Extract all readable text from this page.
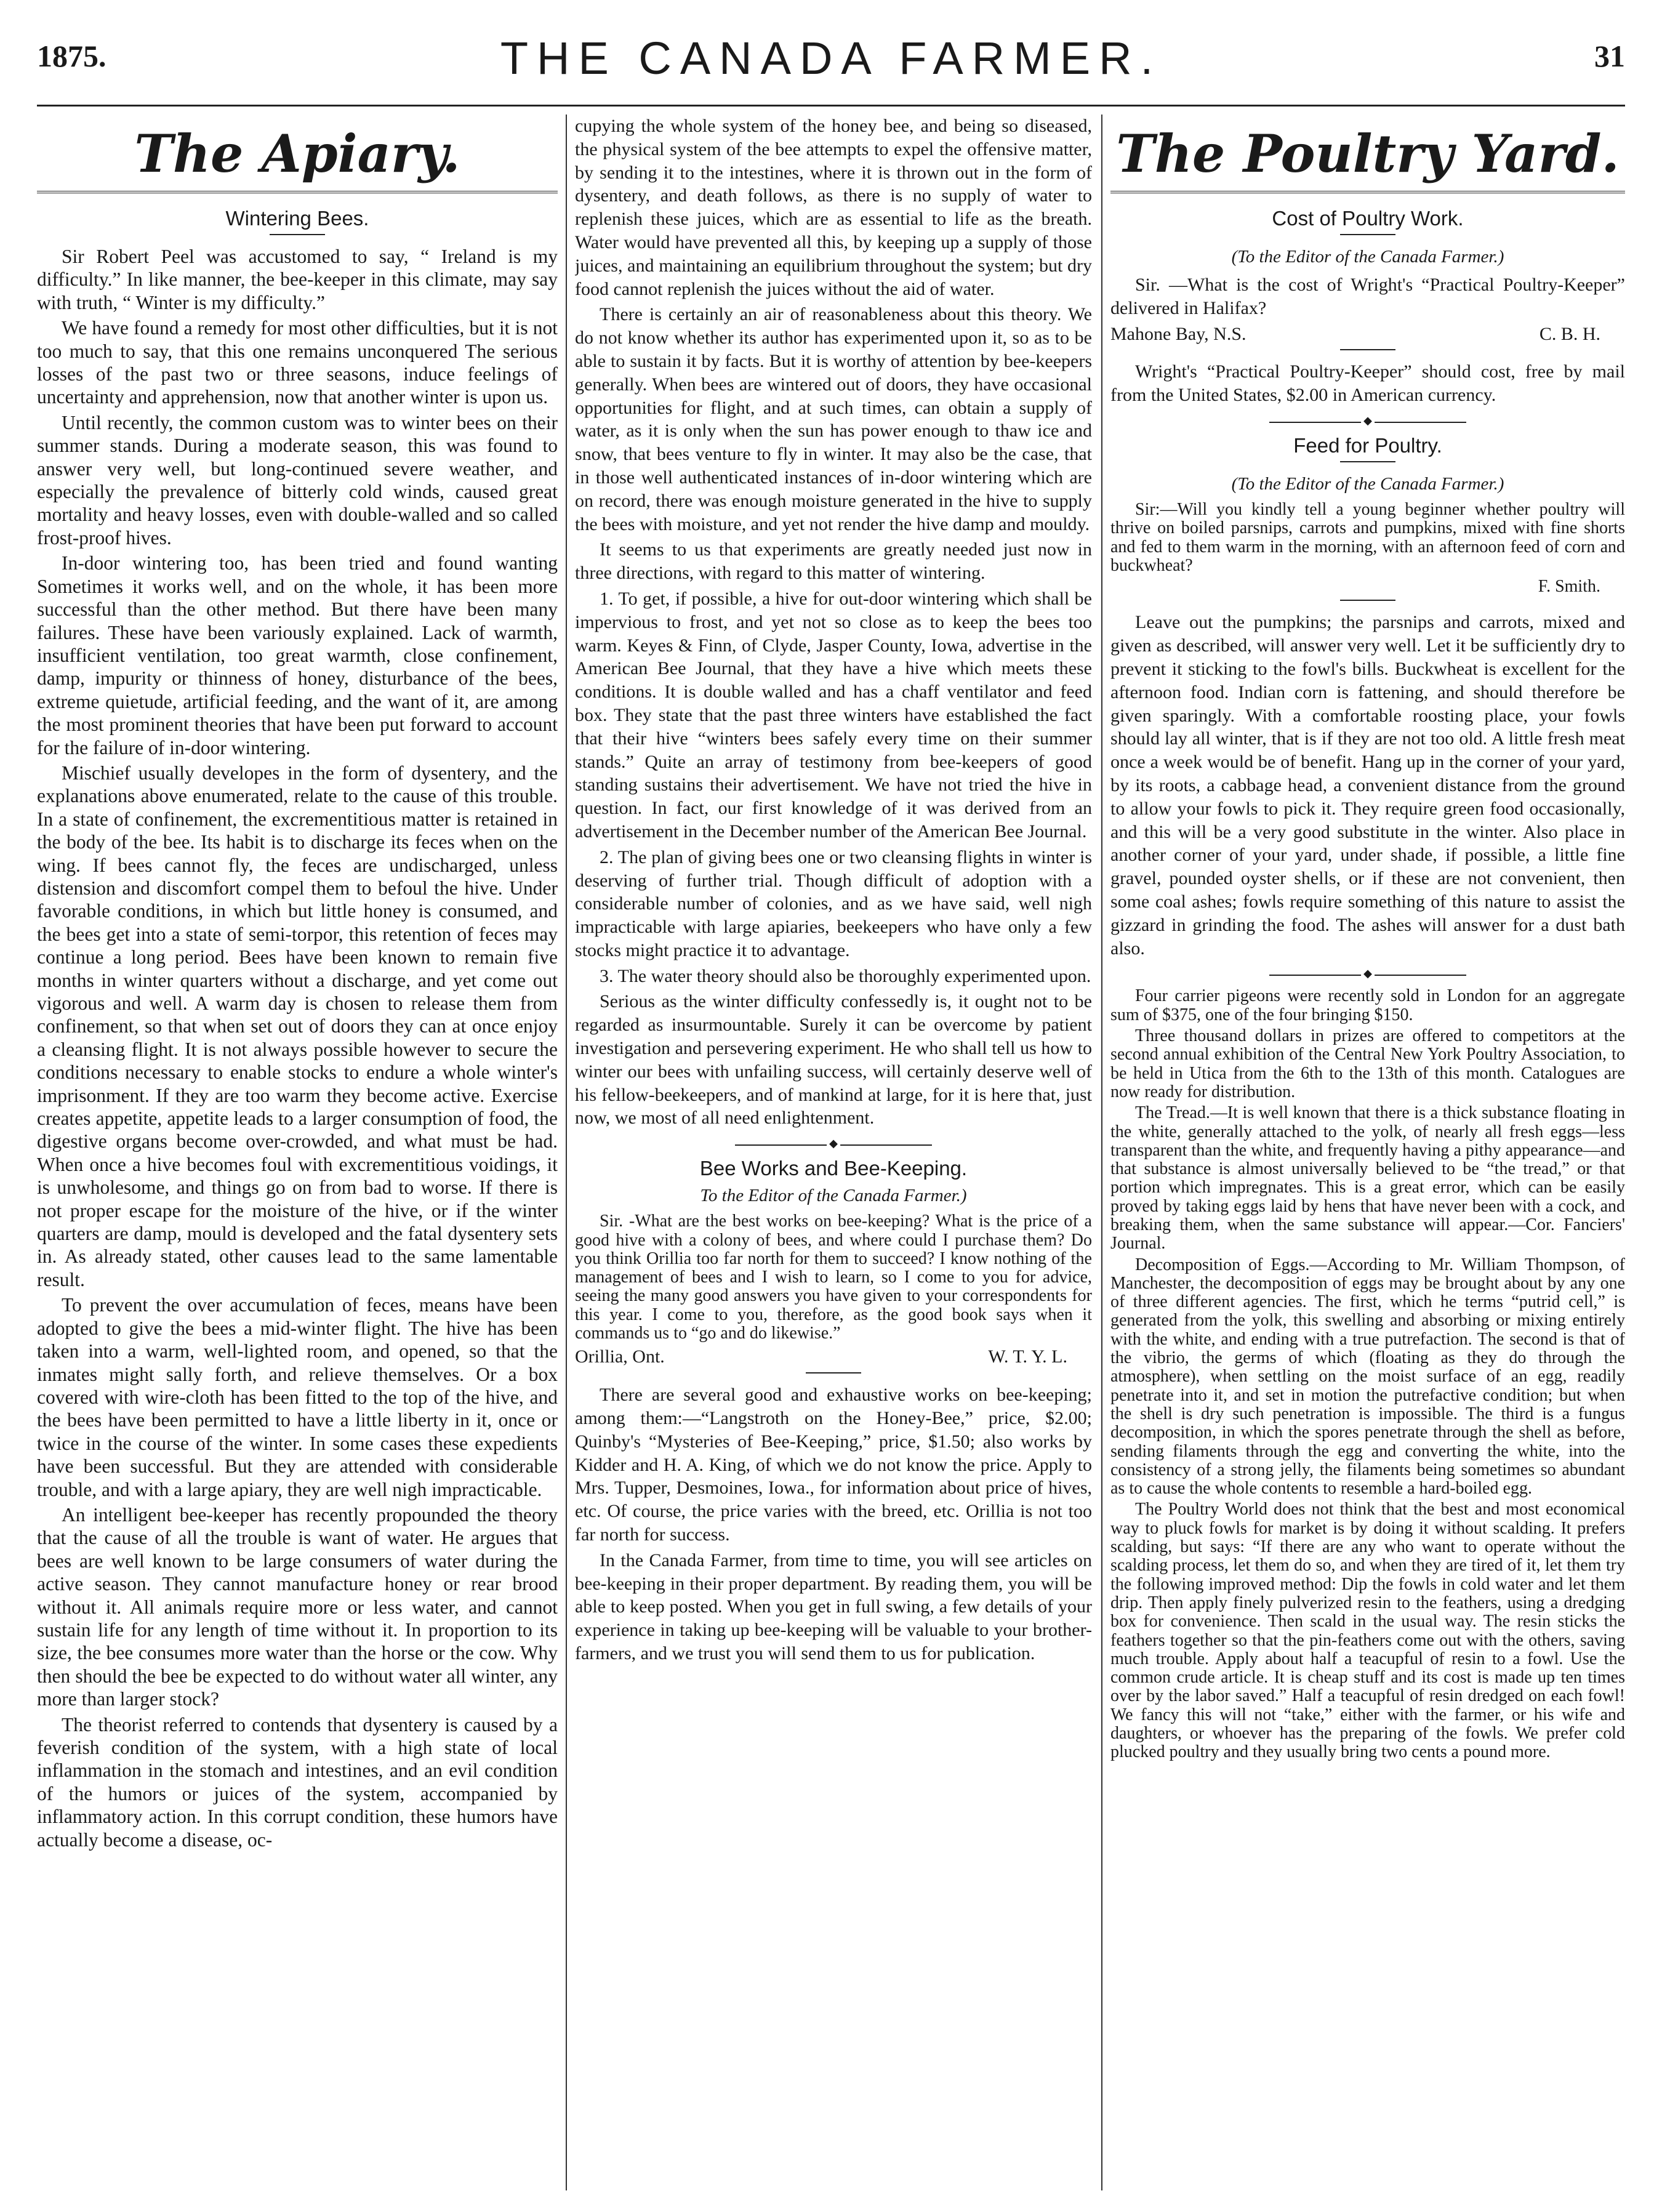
1875.	THE CANADA FARMER.	31
The Apiary.
Wintering Bees.

Sir Robert Peel was accustomed to say, “ Ireland is my difficulty.” In like manner, the bee-keeper in this climate, may say with truth, “ Winter is my difficulty.”

We have found a remedy for most other difficulties, but it is not too much to say, that this one remains unconquered The serious losses of the past two or three seasons, induce feelings of uncertainty and apprehension, now that another winter is upon us.

Until recently, the common custom was to winter bees on their summer stands. During a moderate season, this was found to answer very well, but long-continued severe weather, and especially the prevalence of bitterly cold winds, caused great mortality and heavy losses, even with double-walled and so called frost-proof hives.

In-door wintering too, has been tried and found wanting Sometimes it works well, and on the whole, it has been more successful than the other method. But there have been many failures. These have been variously explained. Lack of warmth, insufficient ventilation, too great warmth, close confinement, damp, impurity or thinness of honey, disturbance of the bees, extreme quietude, artificial feeding, and the want of it, are among the most prominent theories that have been put forward to account for the failure of in-door wintering.

Mischief usually developes in the form of dysentery, and the explanations above enumerated, relate to the cause of this trouble. In a state of confinement, the excrementitious matter is retained in the body of the bee. Its habit is to discharge its feces when on the wing. If bees cannot fly, the feces are undischarged, unless distension and discomfort compel them to befoul the hive. Under favorable conditions, in which but little honey is consumed, and the bees get into a state of semi-torpor, this retention of feces may continue a long period. Bees have been known to remain five months in winter quarters without a discharge, and yet come out vigorous and well. A warm day is chosen to release them from confinement, so that when set out of doors they can at once enjoy a cleansing flight. It is not always possible however to secure the conditions necessary to enable stocks to endure a whole winter's imprisonment. If they are too warm they become active. Exercise creates appetite, appetite leads to a larger consumption of food, the digestive organs become over-crowded, and what must be had. When once a hive becomes foul with excrementitious voidings, it is unwholesome, and things go on from bad to worse. If there is not proper escape for the moisture of the hive, or if the winter quarters are damp, mould is developed and the fatal dysentery sets in. As already stated, other causes lead to the same lamentable result.

To prevent the over accumulation of feces, means have been adopted to give the bees a mid-winter flight. The hive has been taken into a warm, well-lighted room, and opened, so that the inmates might sally forth, and relieve themselves. Or a box covered with wire-cloth has been fitted to the top of the hive, and the bees have been permitted to have a little liberty in it, once or twice in the course of the winter. In some cases these expedients have been successful. But they are attended with considerable trouble, and with a large apiary, they are well nigh impracticable.

An intelligent bee-keeper has recently propounded the theory that the cause of all the trouble is want of water. He argues that bees are well known to be large consumers of water during the active season. They cannot manufacture honey or rear brood without it. All animals require more or less water, and cannot sustain life for any length of time without it. In proportion to its size, the bee consumes more water than the horse or the cow. Why then should the bee be expected to do without water all winter, any more than larger stock?

The theorist referred to contends that dysentery is caused by a feverish condition of the system, with a high state of local inflammation in the stomach and intestines, and an evil condition of the humors or juices of the system, accompanied by inflammatory action. In this corrupt condition, these humors have actually become a disease, oc-

cupying the whole system of the honey bee, and being so diseased, the physical system of the bee attempts to expel the offensive matter, by sending it to the intestines, where it is thrown out in the form of dysentery, and death follows, as there is no supply of water to replenish these juices, which are as essential to life as the breath. Water would have prevented all this, by keeping up a supply of those juices, and maintaining an equilibrium throughout the system; but dry food cannot replenish the juices without the aid of water.

There is certainly an air of reasonableness about this theory. We do not know whether its author has experimented upon it, so as to be able to sustain it by facts. But it is worthy of attention by bee-keepers generally. When bees are wintered out of doors, they have occasional opportunities for flight, and at such times, can obtain a supply of water, as it is only when the sun has power enough to thaw ice and snow, that bees venture to fly in winter. It may also be the case, that in those well authenticated instances of in-door wintering which are on record, there was enough moisture generated in the hive to supply the bees with moisture, and yet not render the hive damp and mouldy.

It seems to us that experiments are greatly needed just now in three directions, with regard to this matter of wintering.

1. To get, if possible, a hive for out-door wintering which shall be impervious to frost, and yet not so close as to keep the bees too warm. Keyes & Finn, of Clyde, Jasper County, Iowa, advertise in the American Bee Journal, that they have a hive which meets these conditions. It is double walled and has a chaff ventilator and feed box. They state that the past three winters have established the fact that their hive “winters bees safely every time on their summer stands.” Quite an array of testimony from bee-keepers of good standing sustains their advertisement. We have not tried the hive in question. In fact, our first knowledge of it was derived from an advertisement in the December number of the American Bee Journal.

2. The plan of giving bees one or two cleansing flights in winter is deserving of further trial. Though difficult of adoption with a considerable number of colonies, and as we have said, well nigh impracticable with large apiaries, beekeepers who have only a few stocks might practice it to advantage.

3. The water theory should also be thoroughly experimented upon.

Serious as the winter difficulty confessedly is, it ought not to be regarded as insurmountable. Surely it can be overcome by patient investigation and persevering experiment. He who shall tell us how to winter our bees with unfailing success, will certainly deserve well of his fellow-beekeepers, and of mankind at large, for it is here that, just now, we most of all need enlightenment.

◆
Bee Works and Bee-Keeping.

To the Editor of the Canada Farmer.)

Sir. -What are the best works on bee-keeping? What is the price of a good hive with a colony of bees, and where could I purchase them? Do you think Orillia too far north for them to succeed? I know nothing of the management of bees and I wish to learn, so I come to you for advice, seeing the many good answers you have given to your correspondents for this year. I come to you, therefore, as the good book says when it commands us to “go and do likewise.”

Orillia, Ont.	W. T. Y. L.

There are several good and exhaustive works on bee-keeping; among them:—“Langstroth on the Honey-Bee,” price, $2.00; Quinby's “Mysteries of Bee-Keeping,” price, $1.50; also works by Kidder and H. A. King, of which we do not know the price. Apply to Mrs. Tupper, Desmoines, Iowa., for information about price of hives, etc. Of course, the price varies with the breed, etc. Orillia is not too far north for success.

In the Canada Farmer, from time to time, you will see articles on bee-keeping in their proper department. By reading them, you will be able to keep posted. When you get in full swing, a few details of your experience in taking up bee-keeping will be valuable to your brother-farmers, and we trust you will send them to us for publication.

The Poultry Yard.
Cost of Poultry Work.

(To the Editor of the Canada Farmer.)

Sir. —What is the cost of Wright's “Practical Poultry-Keeper” delivered in Halifax?

Mahone Bay, N.S.	C. B. H.

Wright's “Practical Poultry-Keeper” should cost, free by mail from the United States, $2.00 in American currency.

◆
Feed for Poultry.

(To the Editor of the Canada Farmer.)

Sir:—Will you kindly tell a young beginner whether poultry will thrive on boiled parsnips, carrots and pumpkins, mixed with fine shorts and fed to them warm in the morning, with an afternoon feed of corn and buckwheat?

F. Smith.

Leave out the pumpkins; the parsnips and carrots, mixed and given as described, will answer very well. Let it be sufficiently dry to prevent it sticking to the fowl's bills. Buckwheat is excellent for the afternoon food. Indian corn is fattening, and should therefore be given sparingly. With a comfortable roosting place, your fowls should lay all winter, that is if they are not too old. A little fresh meat once a week would be of benefit. Hang up in the corner of your yard, by its roots, a cabbage head, a convenient distance from the ground to allow your fowls to pick it. They require green food occasionally, and this will be a very good substitute in the winter. Also place in another corner of your yard, under shade, if possible, a little fine gravel, pounded oyster shells, or if these are not convenient, then some coal ashes; fowls require something of this nature to assist the gizzard in grinding the food. The ashes will answer for a dust bath also.

◆

Four carrier pigeons were recently sold in London for an aggregate sum of $375, one of the four bringing $150.

Three thousand dollars in prizes are offered to competitors at the second annual exhibition of the Central New York Poultry Association, to be held in Utica from the 6th to the 13th of this month. Catalogues are now ready for distribution.

The Tread.—It is well known that there is a thick substance floating in the white, generally attached to the yolk, of nearly all fresh eggs—less transparent than the white, and frequently having a pithy appearance—and that substance is almost universally believed to be “the tread,” or that portion which impregnates. This is a great error, which can be easily proved by taking eggs laid by hens that have never been with a cock, and breaking them, when the same substance will appear.—Cor. Fanciers' Journal.

Decomposition of Eggs.—According to Mr. William Thompson, of Manchester, the decomposition of eggs may be brought about by any one of three different agencies. The first, which he terms “putrid cell,” is generated from the yolk, this swelling and absorbing or mixing entirely with the white, and ending with a true putrefaction. The second is that of the vibrio, the germs of which (floating as they do through the atmosphere), when settling on the moist surface of an egg, readily penetrate into it, and set in motion the putrefactive condition; but when the shell is dry such penetration is impossible. The third is a fungus decomposition, in which the spores penetrate through the shell as before, sending filaments through the egg and converting the white, into the consistency of a strong jelly, the filaments being sometimes so abundant as to cause the whole contents to resemble a hard-boiled egg.

The Poultry World does not think that the best and most economical way to pluck fowls for market is by doing it without scalding. It prefers scalding, but says: “If there are any who want to operate without the scalding process, let them do so, and when they are tired of it, let them try the following improved method: Dip the fowls in cold water and let them drip. Then apply finely pulverized resin to the feathers, using a dredging box for convenience. Then scald in the usual way. The resin sticks the feathers together so that the pin-feathers come out with the others, saving much trouble. Apply about half a teacupful of resin to a fowl. Use the common crude article. It is cheap stuff and its cost is made up ten times over by the labor saved.” Half a teacupful of resin dredged on each fowl! We fancy this will not “take,” either with the farmer, or his wife and daughters, or whoever has the preparing of the fowls. We prefer cold plucked poultry and they usually bring two cents a pound more.
